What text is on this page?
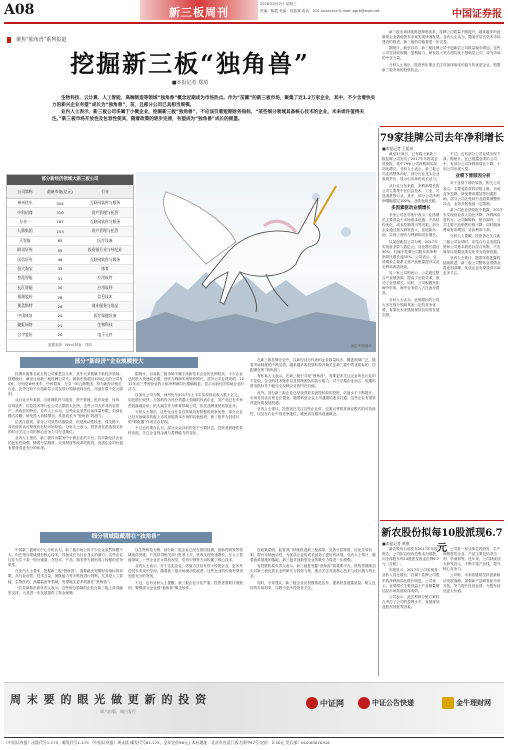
A08	2018年3月7日 星期三
新三板周刊	责编：陈霞 美编：杨振斌 电话：010-xxxxxxxx E-mail: ggrb@zqrb.net	中国证券报
聚焦“独角兽”系列报道
挖掘新三板“独角兽”
■本报记者 郑琦

生物科技、云计算、人工智能，高端制造等领域“独角兽”概念近期成为市场热点。作为“苗圃”的新三板市场，聚集了近1.2万家企业，其中，不少含着快实力的新兴企业有望”成长为“独角兽”，苗，且部分公司已具相当规模。

业内人士表示，新三板公司多属于小微企业，挖掘新三板“独角兽”，不应该仅看短期财务指标，“某些细分领域具备核心技术的企业，未来或许值得关注。”新三板市场开放性及包容性使其，随着政策的逐步完善，有望成为“独角兽”成长的摇篮。

部分新经济领域大新三板公司
公司简称	最新市值(亿元)	行业
神州优车	504	互联网软件与服务
中科招商	310	资产管理与托管
分享一	187	互联网软件与服务
九鼎集团	153	资产管理与托管
天智航	65	医疗设备
联讯证券	55	投资银行业与经纪业
国信证券	48	互联网软件与服务
恒大淘宝	35	体育
悠派智能	31	应用软件
长江智能	30	应用软件
银湖股份	28	信息技术
奥美斯特	26	商业服务与用品
中国康复	24	医疗保健设备
捷虹网络	21	生物科技
合宇股份	20	电子元件
数据来源：Wind 制表：郑琦	视觉中国图片
部分“新经济”企业规模较大

挂牌市值排名前五的公司都是这几家，其中大多数属于新经济领域。按照统计，截至目前新三板挂牌公司中，最新市值超过100亿元的公司有4家，分别是神州优车、中科招商、分享一和九鼎集团，均为新经济相关行业。此外还有不少创新层公司在细分领域表现出色，市值在数十亿元级别。

从行业分布来看，互联网软件与服务、资产管理、医疗设备、体育、应用软件、信息技术等行业公司占据较大比例，这些公司大多具有轻资产、高成长的特征。业内人士认为，这些企业虽然目前体量有限，但商业模式清晰，研发投入持续增加，具备成长为“独角兽”的潜力。

记者注意到，部分公司虽然估值较高，但是流动性较差，成交稀少，对估值的认可程度仍有待市场检验。分析人士表示，投资者在挑选相关标的时应关注公司的核心竞争力与行业地位。

业内人士指出，新三板作为服务中小微企业的平台，其对新经济企业的包容性较强，随着分层制度、交易制度等改革的推进，优质企业的价值有望获得更充分的体现。

据统计，目前新三板市场中属于高新技术企业的比例较高，不少企业已经进入快速成长期，营收与利润实现较快增长。部分公司业绩亮眼，2017年前三季度营业收入和净利润同比增幅明显，显示出新经济领域企业的活力。

以部分公司为例，神州优车2017年上半年实现营业收入数十亿元，同比增长较快；天智航作为医疗机器人领域的代表企业，其产品已在多家医院落地应用；恒大淘宝作为体育领域公司，依托品牌优势拓展业务。

分析人士指出，这些企业在各自领域具有较强的竞争优势，部分企业已经开始谋求转板上市或登陆资本市场的其他板块，新三板作为其成长的“孵化器”作用正在显现。

不过也有观点认为，部分企业目前仍处于亏损状态，投资者需理性看待估值，关注企业现金流与盈利能力的变化。

在新三板挂牌企业中，以新经济为代表的企业数量较多，覆盖领域广泛。随着市场制度的不断完善，越来越多的投资机构开始关注新三板中的优质标的，挖掘潜在的“独角兽”。

有私募人士表示，在新三板中寻找“独角兽”，需要更多关注企业所在行业的天花板、企业的技术壁垒以及管理团队的执行能力。对于早期企业而言，短期的财务指标并不能完全反映企业的内在价值。

此外，部分新三板企业已经获得知名创投机构的投资，估值水平不断提升，市场对其认可度也在提高。随着科创企业上市通道的逐步打通，这些企业有望获得更好的发展机遇。

业内人士建议，投资者在关注这些企业时，应重点考察其商业模式的可持续性，以及在行业中的竞争地位，避免盲目跟风追逐概念。

细分领域隐藏潜在“独角兽”

中国新三板研究中心分析认为，新三板市场上的不少企业虽然规模不大，但在细分领域拥有核心技术，具备成长为行业龙头的潜力。这些企业往往专注于某一细分赛道，在技术、产品、服务等方面形成了较强的竞争壁垒。

在业内人士看来，挖掘新三板“独角兽”，需要跳出短期财务指标的局限，从行业前景、技术含量、团队能力等多维度进行判断。尤其是人工智能、生物医药、高端装备等领域，有望诞生更多的潜在“独角兽”。

一位券商做市商负责人表示，这些细分领域的企业在新三板上获得融资支持，为其进一步发展提供了资金保障。

以生物科技为例，部分新三板企业已经在基因检测、创新药研发等领域取得突破，产品获得相关部门批准上市，营收实现快速增长。在人工智能领域，一些企业在计算机视觉、语音识别等方向积累了核心技术。

业内人士表示，对于这类企业，估值方法应有别于传统企业，更多考虑其未来成长空间。随着新三板市场流动性改善，这些企业的价值有望得到更充分的发现。

不过，也有分析人士提醒，新三板企业分化严重，投资者需要仔细甄别，警惕部分企业借“独角兽”概念炒作。

在政策层面，监管部门持续推进新三板改革，完善分层制度，优化交易机制，提升市场流动性，为优质企业的成长创造了更好的环境。业内人士预计，随着改革措施的落地，新三板对创新型企业的吸引力将进一步增强。

有投资机构负责人表示，新三板是发掘“独角兽”的重要平台，机构将继续加大对新三板优质企业的研究与投资力度，重点关注具备核心技术与成长潜力的企业。

同时，专家建议，新三板企业应加强规范运作，提高信息披露质量，树立良好的市场形象，以吸引更多投资者关注。

79家挂牌公司去年净利增长
■本报记者 王超成

截至3月6日，已有数十家新三板挂牌公司发布了2017年年报或业绩快报，其中79家公司净利润实现同比增长。分析人士表示，新三板公司业绩整体向好，部分行业龙头企业表现突出，显示出市场的成长活力。

从行业分布来看，净利润增长的公司主要集中在信息技术、工业、可选消费等行业。其中，部分公司净利润增幅超过100%，业绩表现亮眼。

多因素驱动业绩增长

多家公司在年报中表示，业绩增长主要得益于市场需求旺盛、产品结构优化、成本控制得当等因素。部分企业通过加大研发投入、拓展新市场，实现了营收与利润的同步增长。

以某创新层公司为例，2017年实现营业收入数亿元，同比增长超过30%；归属于挂牌公司股东的净利润同比增长逾50%。公司表示，业绩增长主要系主营产品销量提升以及毛利率改善所致。

另一家公司则表示，公司通过整合产业链资源，提高了运营效率，推动了业绩增长。同时，公司积极开拓海外市场，海外业务收入占比逐步提高。

分析人士认为，业绩增长的公司大多在细分领域具备一定的竞争优势，有望在未来继续保持良好的发展态势。

不过，也有部分公司业绩出现下滑。据统计，在已披露业绩的公司中，有部分公司净利润同比下降，个别公司出现亏损。

业绩下滑原因分析

对于业绩下滑的原因，相关公司表示，主要受原材料价格上涨、市场竞争加剧、研发费用增加等因素影响。部分公司还受到行业政策调整的冲击，业务开展受到一定限制。

某公司在业绩快报中披露，2017年实现营业收入同比下降，净利润由盈转亏。公司解释称，报告期内，公司主要产品销售价格下降，同时期间费用有所增加，导致利润下滑。

分析人士提醒，投资者在关注新三板公司业绩时，应结合行业发展趋势和公司基本面进行综合判断，不宜简单以短期业绩变化作为投资依据。

业内人士预计，随着年报披露的陆续推进，新三板公司整体业绩情况将更加清晰，优质企业有望获得市场更多关注。

新农股份拟每10股派现6.7元
■本报记者 黄康

新农股份日前发布2017年年度报告，公司拟以现有总股本为基数，向全体股东每10股派发现金红利6.7元（含税）。

年报显示，2017年公司实现营业收入同比增长，归属于挂牌公司股东的净利润同比增长明显。公司表示，业绩增长主要得益于产品销量增加及市场拓展取得成效。

公司表示，此次利润分配方案综合考虑了公司的盈利水平、发展规划及股东回报等因素。

公司是一家从事农药研发、生产和销售的企业，产品主要包括杀虫剂、杀菌剂等。近年来，公司持续加大研发投入，不断丰富产品线，提升核心竞争力。

公司称，未来将继续坚持创新驱动发展战略，加强新产品研发和市场开拓，努力提升经营业绩，为股东创造更大价值。

新三板市场持续推进制度改革，挂牌公司质量不断提升，越来越多的创新型企业借助资本市场实现快速发展。业内人士认为，随着多层次资本市场建设的推进，新三板的功能将进一步完善。

据统计，截至目前，新三板挂牌公司中创新层公司数量稳步增加，这些公司在营收规模、盈利能力、研发投入等方面均优于基础层公司，成为市场的中坚力量。

分析人士指出，投资者应重点关注具备持续成长能力的优质企业，把握新三板市场的投资机会。

周 末 要 的 眼 光 做 更 新 的 投 资
周六出版，周日发行
中证网	中证公告快递	金牛理财网
《中国证券报》出版代号1-175，邮发代号1-175 《中国证券报》周末版 邮发代号81-175，全年定价96元 | 本社地址：北京市宣武门西大街甲97号 定价：2.50元 发行部：010-63070316
